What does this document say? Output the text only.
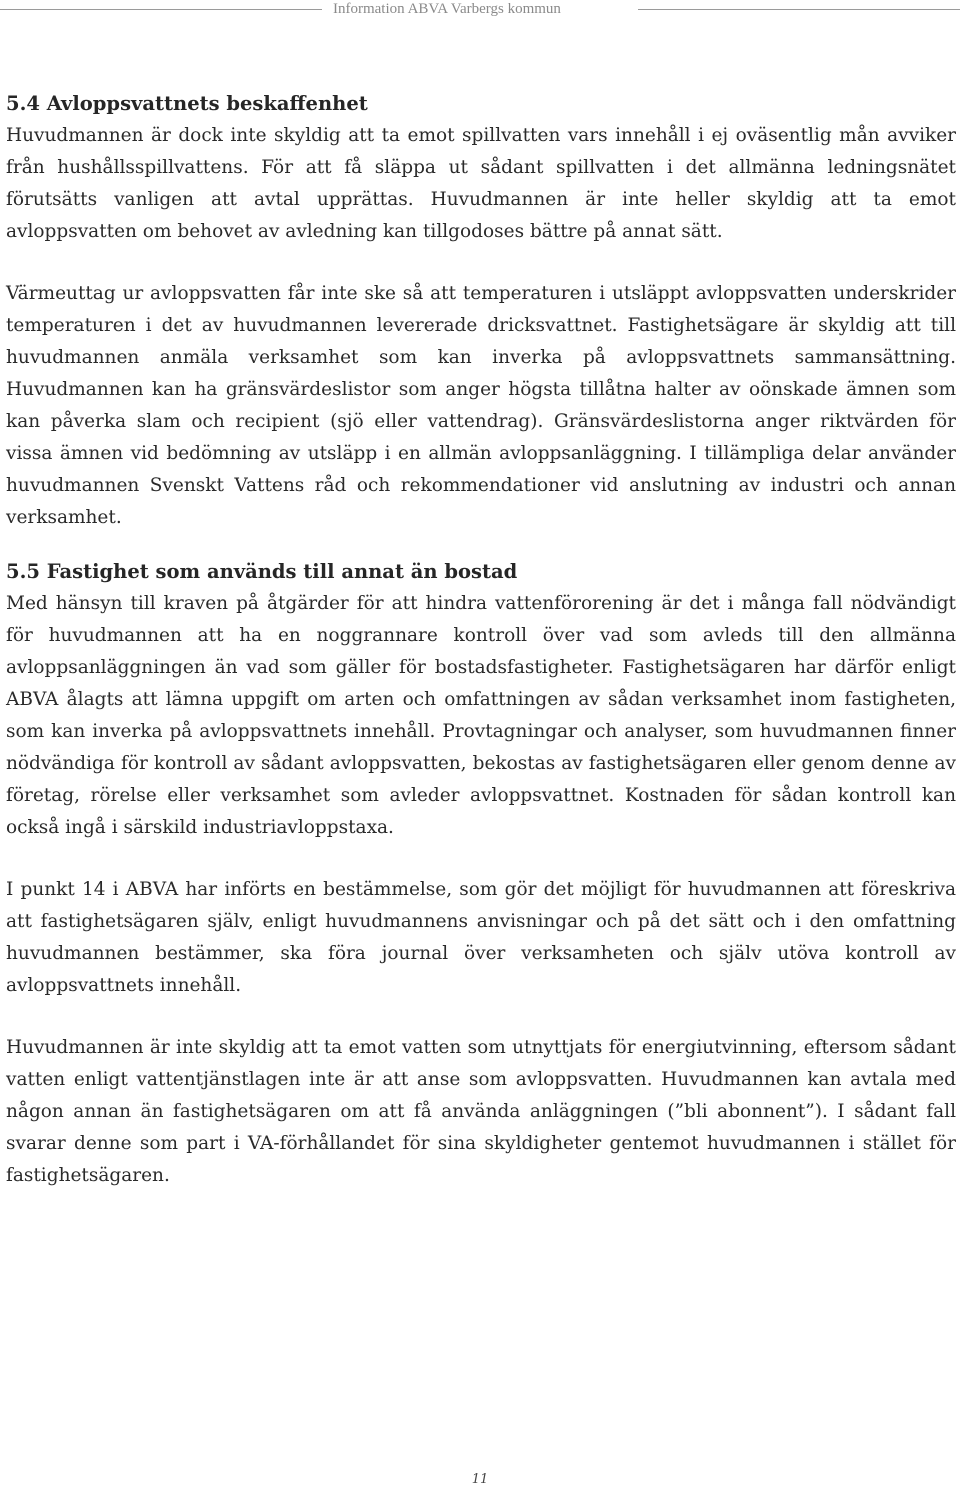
Information ABVA Varbergs kommun
5.4 Avloppsvattnets beskaffenhet

Huvudmannen är dock inte skyldig att ta emot spillvatten vars innehåll i ej oväsentlig mån avviker från hushållsspillvattens. För att få släppa ut sådant spillvatten i det allmänna ledningsnätet förutsätts vanligen att avtal upprättas. Huvudmannen är inte heller skyldig att ta emot avloppsvatten om behovet av avledning kan tillgodoses bättre på annat sätt.

Värmeuttag ur avloppsvatten får inte ske så att temperaturen i utsläppt avloppsvatten underskrider temperaturen i det av huvudmannen levererade dricksvattnet. Fastighetsägare är skyldig att till huvudmannen anmäla verksamhet som kan inverka på avloppsvattnets sammansättning. Huvudmannen kan ha gränsvärdeslistor som anger högsta tillåtna halter av oönskade ämnen som kan påverka slam och recipient (sjö eller vattendrag). Gränsvärdeslistorna anger riktvärden för vissa ämnen vid bedömning av utsläpp i en allmän avloppsanläggning. I tillämpliga delar använder huvudmannen Svenskt Vattens råd och rekommendationer vid anslutning av industri och annan verksamhet.

5.5 Fastighet som används till annat än bostad

Med hänsyn till kraven på åtgärder för att hindra vattenförorening är det i många fall nödvändigt för huvudmannen att ha en noggrannare kontroll över vad som avleds till den allmänna avloppsanläggningen än vad som gäller för bostadsfastigheter. Fastighetsägaren har därför enligt ABVA ålagts att lämna uppgift om arten och omfattningen av sådan verksamhet inom fastigheten, som kan inverka på avloppsvattnets innehåll. Provtagningar och analyser, som huvudmannen finner nödvändiga för kontroll av sådant avloppsvatten, bekostas av fastighetsägaren eller genom denne av företag, rörelse eller verksamhet som avleder avloppsvattnet. Kostnaden för sådan kontroll kan också ingå i särskild industriavloppstaxa.

I punkt 14 i ABVA har införts en bestämmelse, som gör det möjligt för huvudmannen att föreskriva att fastighetsägaren själv, enligt huvudmannens anvisningar och på det sätt och i den omfattning huvudmannen bestämmer, ska föra journal över verksamheten och själv utöva kontroll av avloppsvattnets innehåll.

Huvudmannen är inte skyldig att ta emot vatten som utnyttjats för energiutvinning, eftersom sådant vatten enligt vattentjänstlagen inte är att anse som avloppsvatten. Huvudmannen kan avtala med någon annan än fastighetsägaren om att få använda anläggningen (”bli abonnent”). I sådant fall svarar denne som part i VA-förhållandet för sina skyldigheter gentemot huvudmannen i stället för fastighetsägaren.

11
